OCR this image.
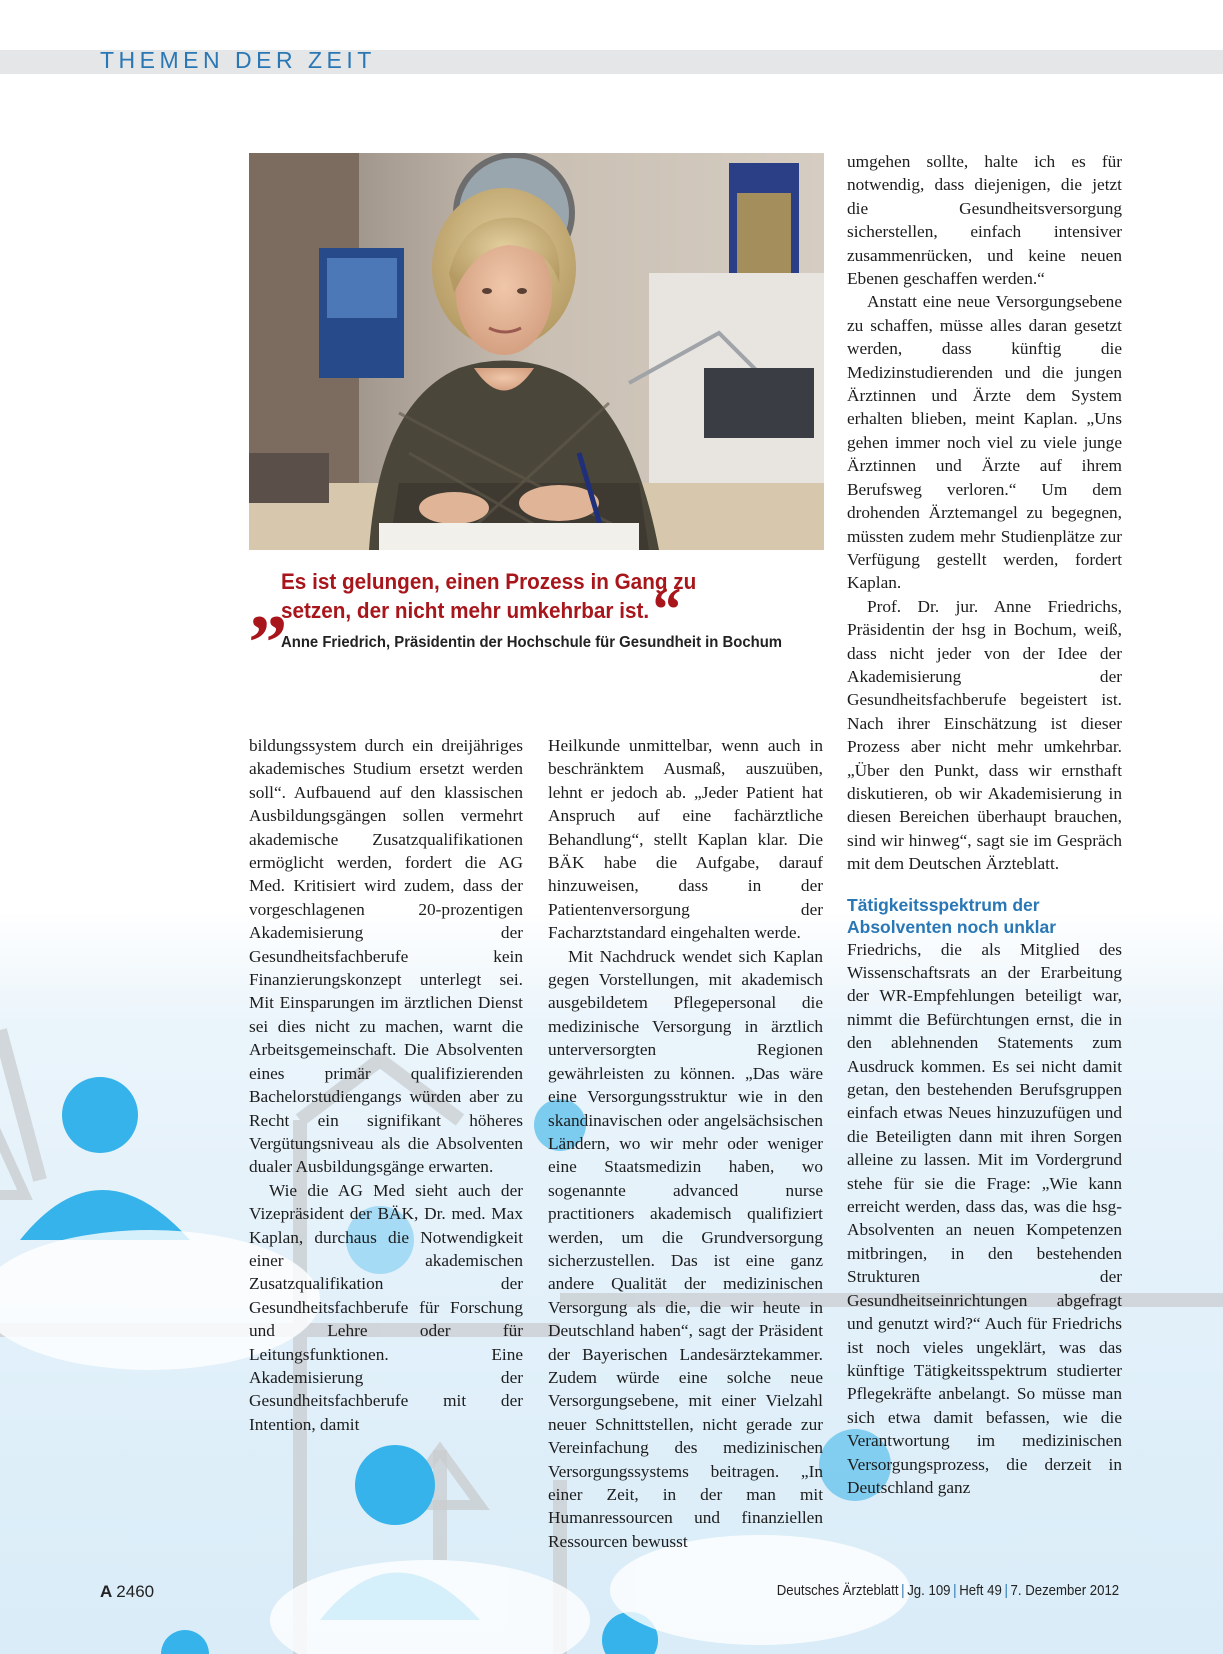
THEMEN DER ZEIT
„
Es ist gelungen, einen Prozess in Gang zu setzen, der nicht mehr umkehrbar ist.“
Anne Friedrich, Präsidentin der Hochschule für Gesundheit in Bochum

bildungssystem durch ein dreijähriges akademisches Studium ersetzt werden soll“. Aufbauend auf den klassischen Ausbildungsgängen sollen vermehrt akademische Zusatzqualifikationen ermöglicht werden, fordert die AG Med. Kritisiert wird zudem, dass der vorgeschlagenen 20-prozentigen Akademisierung der Gesundheitsfachberufe kein Finanzierungskonzept unterlegt sei. Mit Einsparungen im ärztlichen Dienst sei dies nicht zu machen, warnt die Arbeitsgemeinschaft. Die Absolventen eines primär qualifizierenden Bachelorstudiengangs würden aber zu Recht ein signifikant höheres Vergütungsniveau als die Absolventen dualer Ausbildungsgänge erwarten.

Wie die AG Med sieht auch der Vizepräsident der BÄK, Dr. med. Max Kaplan, durchaus die Notwendigkeit einer akademischen Zusatzqualifikation der Gesundheitsfachberufe für Forschung und Lehre oder für Leitungsfunktionen. Eine Akademisierung der Gesundheitsfachberufe mit der Intention, damit

Heilkunde unmittelbar, wenn auch in beschränktem Ausmaß, auszuüben, lehnt er jedoch ab. „Jeder Patient hat Anspruch auf eine fachärztliche Behandlung“, stellt Kaplan klar. Die BÄK habe die Aufgabe, darauf hinzuweisen, dass in der Patientenversorgung der Facharztstandard eingehalten werde.

Mit Nachdruck wendet sich Kaplan gegen Vorstellungen, mit akademisch ausgebildetem Pflegepersonal die medizinische Versorgung in ärztlich unterversorgten Regionen gewährleisten zu können. „Das wäre eine Versorgungsstruktur wie in den skandinavischen oder angelsächsischen Ländern, wo wir mehr oder weniger eine Staatsmedizin haben, wo sogenannte advanced nurse practitioners akademisch qualifiziert werden, um die Grundversorgung sicherzustellen. Das ist eine ganz andere Qualität der medizinischen Versorgung als die, die wir heute in Deutschland haben“, sagt der Präsident der Bayerischen Landesärztekammer. Zudem würde eine solche neue Versorgungsebene, mit einer Vielzahl neuer Schnittstellen, nicht gerade zur Vereinfachung des medizinischen Versorgungssystems beitragen. „In einer Zeit, in der man mit Humanressourcen und finanziellen Ressourcen bewusst

umgehen sollte, halte ich es für notwendig, dass diejenigen, die jetzt die Gesundheitsversorgung sicherstellen, einfach intensiver zusammenrücken, und keine neuen Ebenen geschaffen werden.“

Anstatt eine neue Versorgungsebene zu schaffen, müsse alles daran gesetzt werden, dass künftig die Medizinstudierenden und die jungen Ärztinnen und Ärzte dem System erhalten blieben, meint Kaplan. „Uns gehen immer noch viel zu viele junge Ärztinnen und Ärzte auf ihrem Berufsweg verloren.“ Um dem drohenden Ärztemangel zu begegnen, müssten zudem mehr Studienplätze zur Verfügung gestellt werden, fordert Kaplan.

Prof. Dr. jur. Anne Friedrichs, Präsidentin der hsg in Bochum, weiß, dass nicht jeder von der Idee der Akademisierung der Gesundheitsfachberufe begeistert ist. Nach ihrer Einschätzung ist dieser Prozess aber nicht mehr umkehrbar. „Über den Punkt, dass wir ernsthaft diskutieren, ob wir Akademisierung in diesen Bereichen überhaupt brauchen, sind wir hinweg“, sagt sie im Gespräch mit dem Deutschen Ärzteblatt.

Tätigkeitsspektrum der Absolventen noch unklar

Friedrichs, die als Mitglied des Wissenschaftsrats an der Erarbeitung der WR-Empfehlungen beteiligt war, nimmt die Befürchtungen ernst, die in den ablehnenden Statements zum Ausdruck kommen. Es sei nicht damit getan, den bestehenden Berufsgruppen einfach etwas Neues hinzuzufügen und die Beteiligten dann mit ihren Sorgen alleine zu lassen. Mit im Vordergrund stehe für sie die Frage: „Wie kann erreicht werden, dass das, was die hsg-Absolventen an neuen Kompetenzen mitbringen, in den bestehenden Strukturen der Gesundheitseinrichtungen abgefragt und genutzt wird?“ Auch für Friedrichs ist noch vieles ungeklärt, was das künftige Tätigkeitsspektrum studierter Pflegekräfte anbelangt. So müsse man sich etwa damit befassen, wie die Verantwortung im medizinischen Versorgungsprozess, die derzeit in Deutschland ganz

A 2460	Deutsches Ärzteblatt | Jg. 109 | Heft 49 | 7. Dezember 2012
